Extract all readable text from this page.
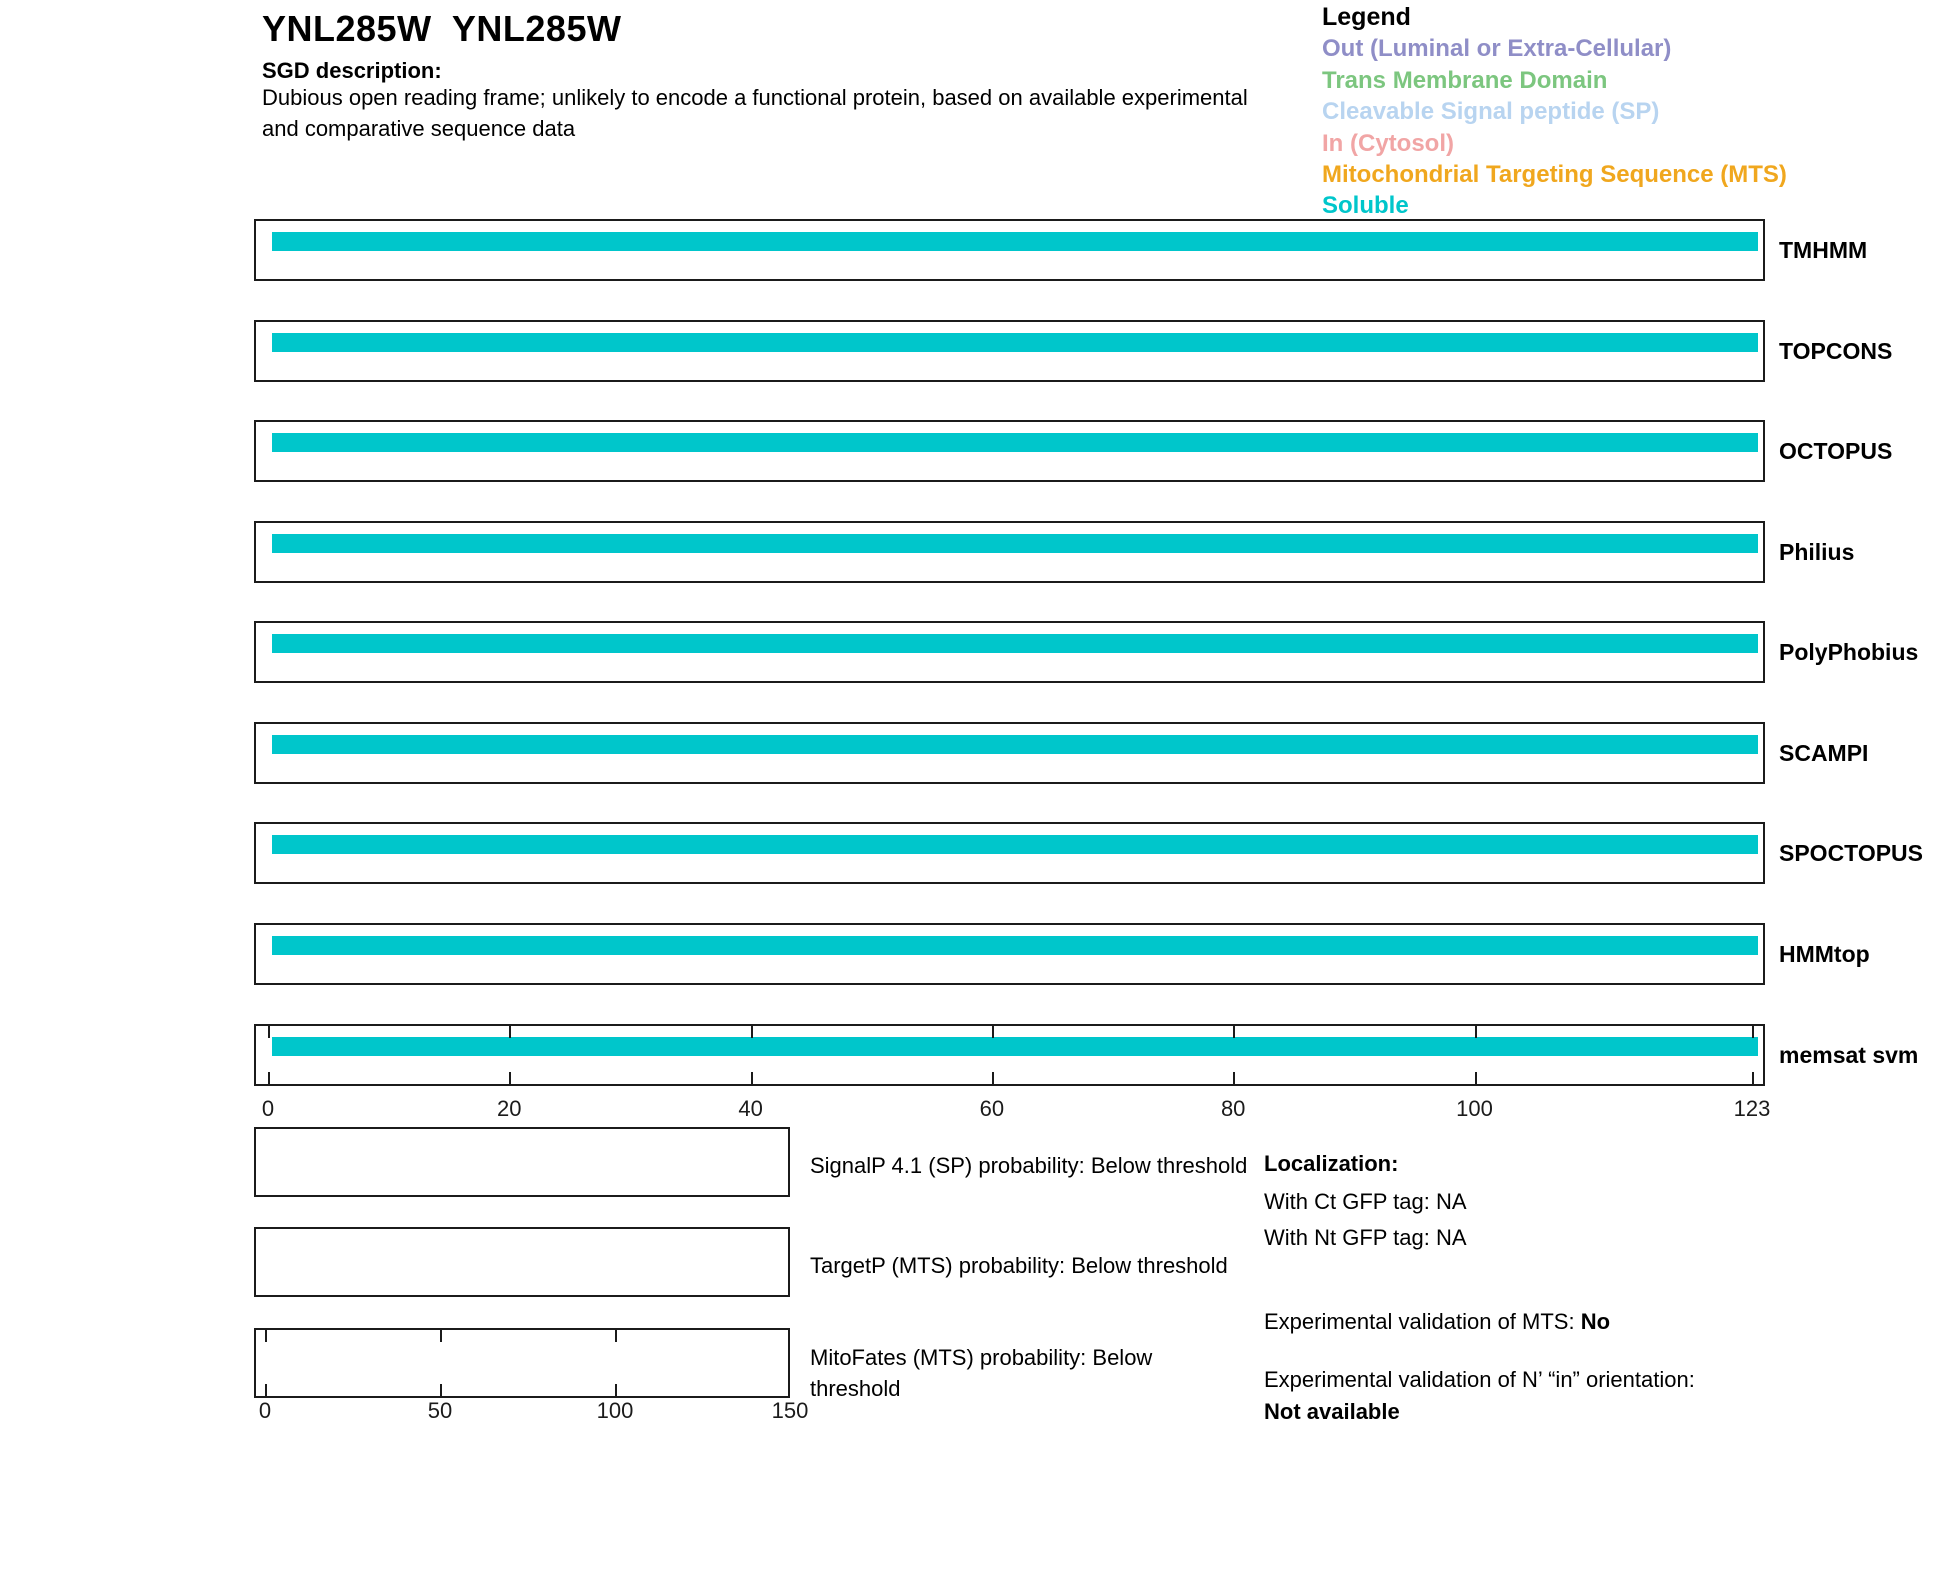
YNL285W  YNL285W
SGD description:
Dubious open reading frame; unlikely to encode a functional protein, based on available experimental and comparative sequence data
Legend
Out (Luminal or Extra-Cellular)
Trans Membrane Domain
Cleavable Signal peptide (SP)
In (Cytosol)
Mitochondrial Targeting Sequence (MTS)
Soluble
TMHMM
TOPCONS
OCTOPUS
Philius
PolyPhobius
SCAMPI
SPOCTOPUS
HMMtop
memsat svm
0	20	40	60	80	100	123
SignalP 4.1 (SP) probability: Below threshold
TargetP (MTS) probability: Below threshold
MitoFates (MTS) probability: Below threshold
0	50	100	150
Localization:
With Ct GFP tag: NA
With Nt GFP tag: NA
Experimental validation of MTS: No
Experimental validation of N’ “in” orientation: Not available
